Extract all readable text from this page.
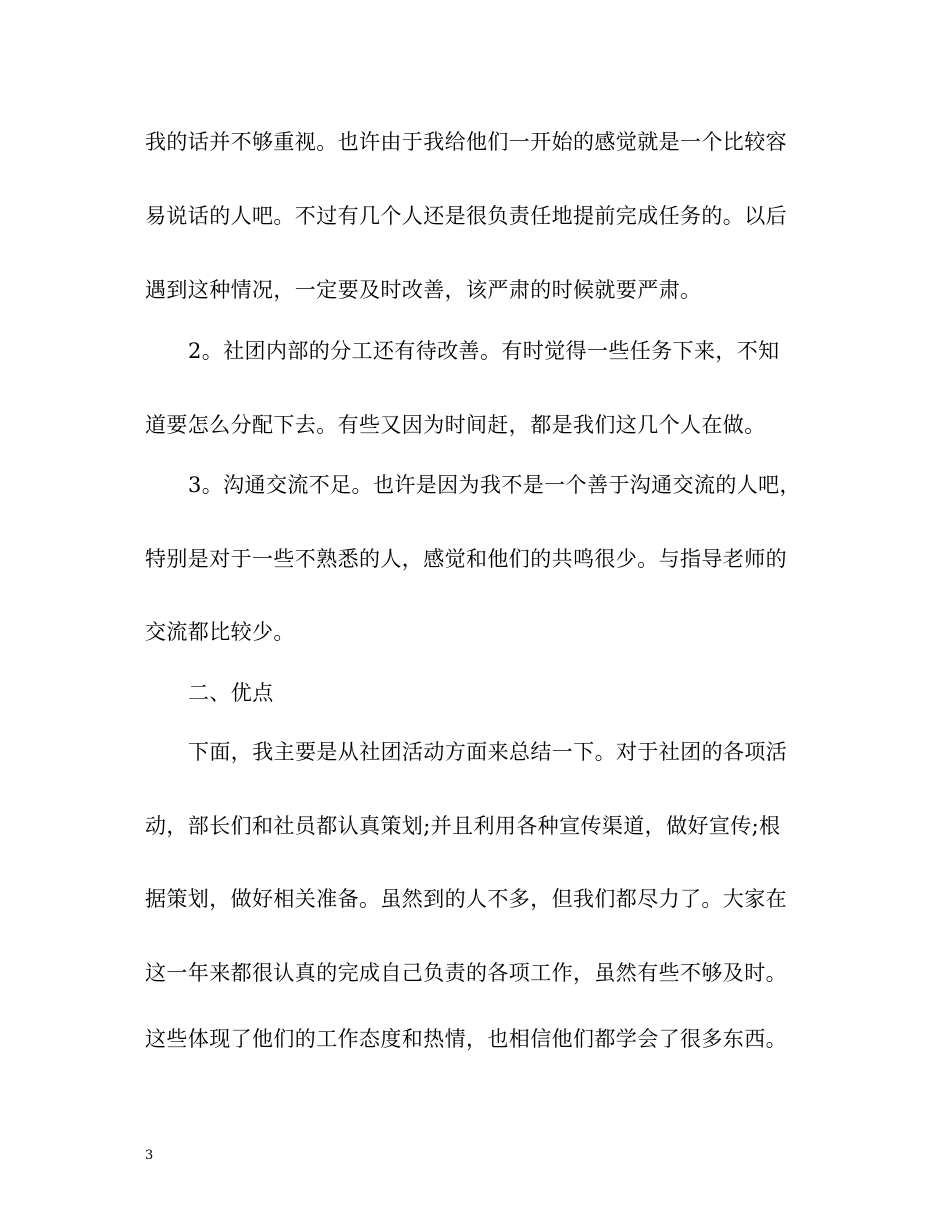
我的话并不够重视。也许由于我给他们一开始的感觉就是一个比较容
易说话的人吧。不过有几个人还是很负责任地提前完成任务的。以后
遇到这种情况，一定要及时改善，该严肃的时候就要严肃。
2。社团内部的分工还有待改善。有时觉得一些任务下来，不知
道要怎么分配下去。有些又因为时间赶，都是我们这几个人在做。
3。沟通交流不足。也许是因为我不是一个善于沟通交流的人吧，
特别是对于一些不熟悉的人，感觉和他们的共鸣很少。与指导老师的
交流都比较少。
二、优点
下面，我主要是从社团活动方面来总结一下。对于社团的各项活
动，部长们和社员都认真策划;并且利用各种宣传渠道，做好宣传;根
据策划，做好相关准备。虽然到的人不多，但我们都尽力了。大家在
这一年来都很认真的完成自己负责的各项工作，虽然有些不够及时。
这些体现了他们的工作态度和热情，也相信他们都学会了很多东西。
3
